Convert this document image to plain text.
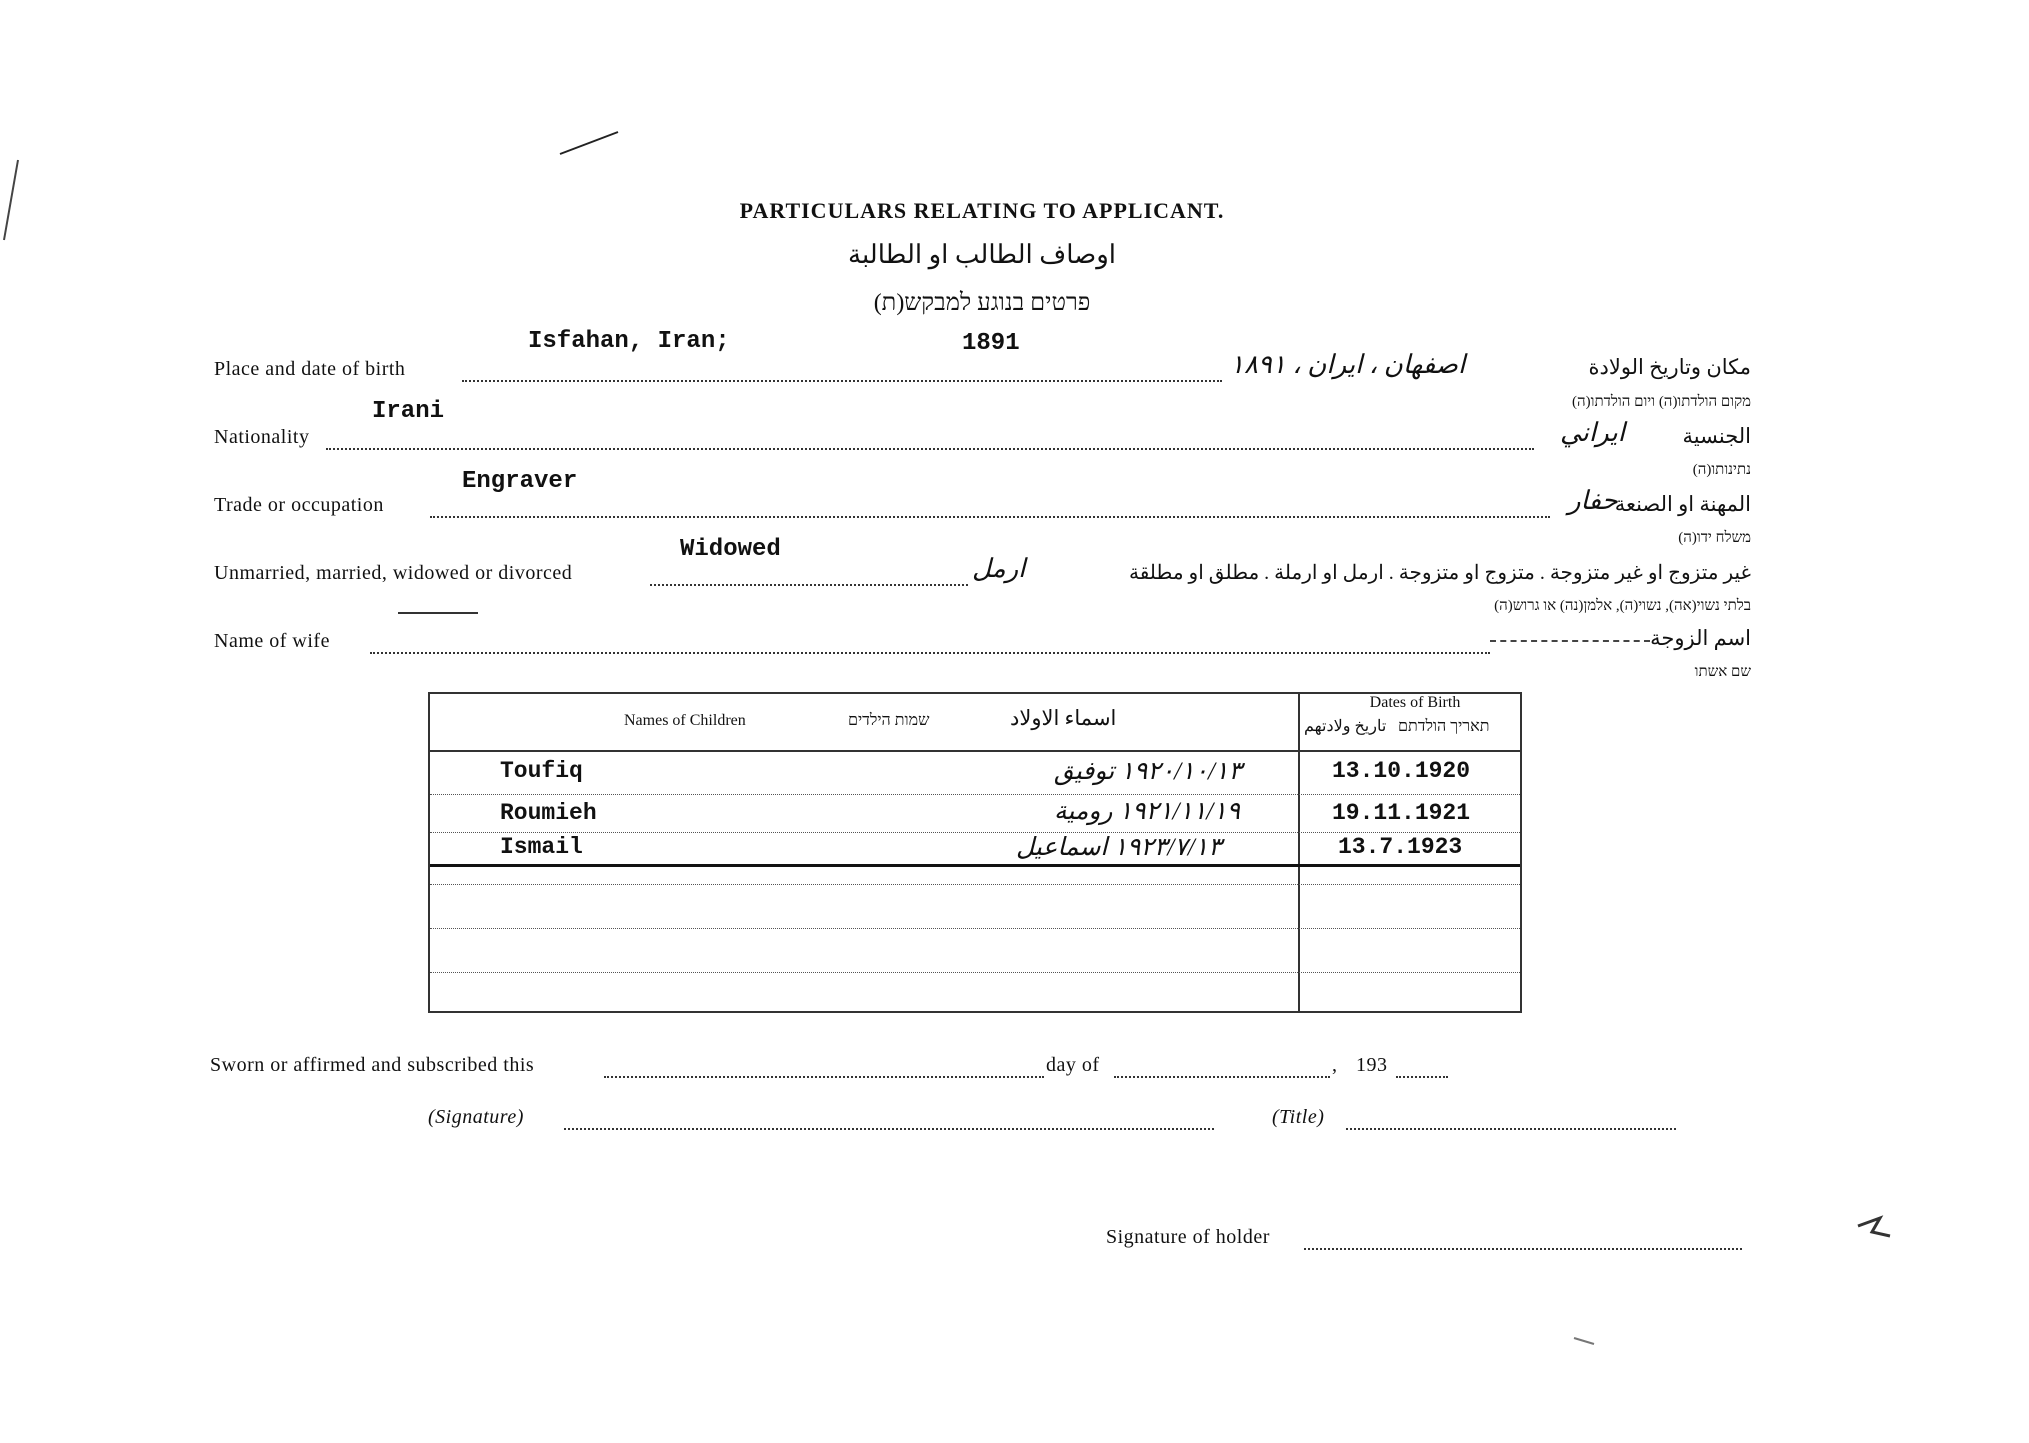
PARTICULARS RELATING TO APPLICANT.
اوصاف الطالب او الطالبة
פרטים בנוגע למבקש(ת)
Isfahan, Iran;	1891
Place and date of birth	اصفهان ، ايران ، ١٨٩١	مكان وتاريخ الولادة
מקום הולדתו(ה) ויום הולדתו(ה)
Irani
Nationality	ايراني	الجنسية
נתינותו(ה)
Engraver
Trade or occupation	حفار
المهنة او الصنعة
משלח ידו(ה)
Widowed
Unmarried, married, widowed or divorced	ارمل	غير متزوج او غير متزوجة . متزوج او متزوجة . ارمل او ارملة . مطلق او مطلقة
בלתי נשוי(אה), נשוי(ה), אלמן(נה) או גרוש(ה)
Name of wife	اسم الزوجة
שם אשתו
Names of Children	שמות הילדים	اسماء الاولاد
Dates of Birth
تاريخ ولادتهم תאריך הולדתם
Toufiq	١٩٢٠/١٠/١٣ توفيق	13.10.1920
Roumieh	١٩٢١/١١/١٩ رومية	19.11.1921
Ismail	١٩٢٣/٧/١٣ اسماعيل	13.7.1923
Sworn or affirmed and subscribed this	day of	, 193
(Signature)	(Title)
Signature of holder
